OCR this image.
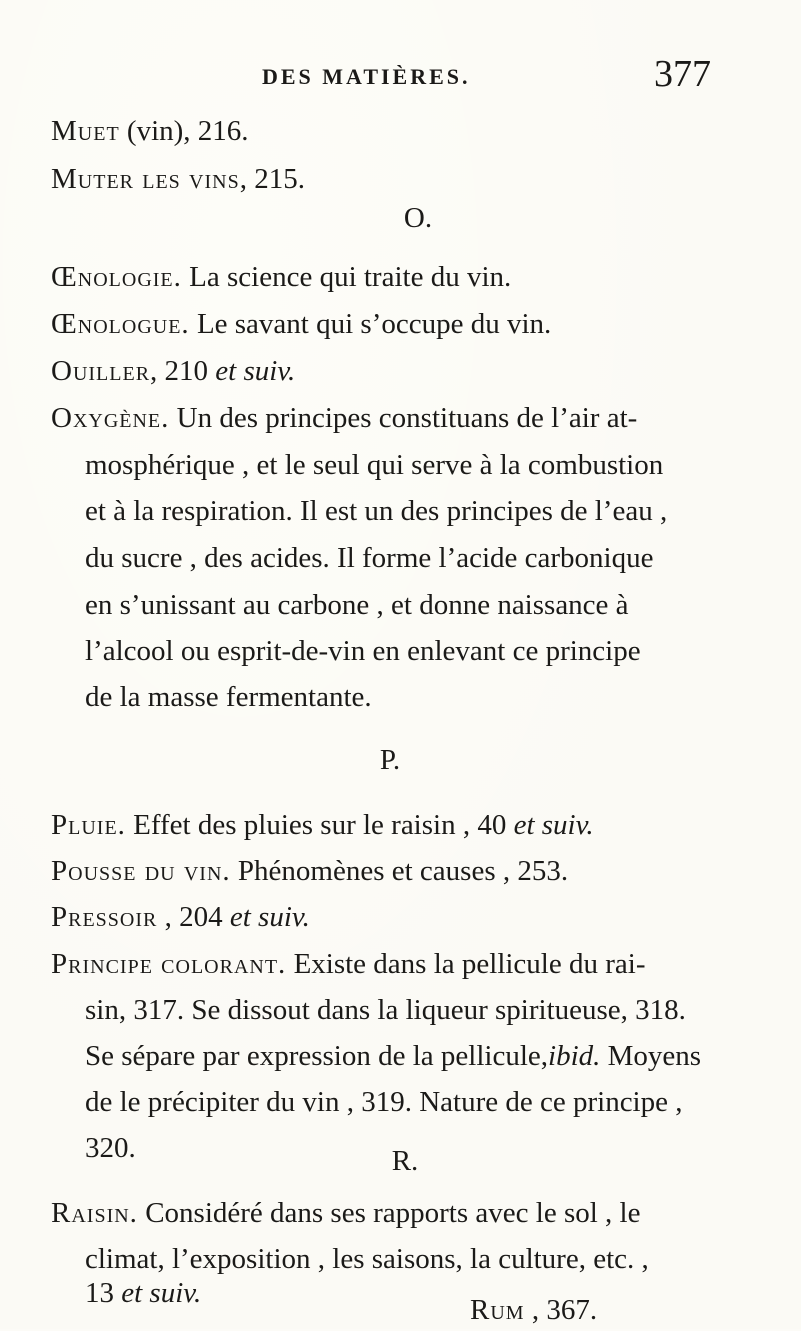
DES MATIÈRES.	377
Muet (vin), 216.
Muter les vins, 215.
O.
Œnologie. La science qui traite du vin.
Œnologue. Le savant qui s’occupe du vin.
Ouiller, 210 et suiv.
Oxygène. Un des principes constituans de l’air at-
mosphérique , et le seul qui serve à la combustion
et à la respiration. Il est un des principes de l’eau ,
du sucre , des acides. Il forme l’acide carbonique
en s’unissant au carbone , et donne naissance à
l’alcool ou esprit-de-vin en enlevant ce principe
de la masse fermentante.
P.
Pluie. Effet des pluies sur le raisin , 40 et suiv.
Pousse du vin. Phénomènes et causes , 253.
Pressoir , 204 et suiv.
Principe colorant. Existe dans la pellicule du rai-
sin, 317. Se dissout dans la liqueur spiritueuse, 318.
Se sépare par expression de la pellicule,ibid. Moyens
de le précipiter du vin , 319. Nature de ce principe ,
320.	R.
Raisin. Considéré dans ses rapports avec le sol , le
climat, l’exposition , les saisons, la culture, etc. ,
13 et suiv.
Rum , 367.
